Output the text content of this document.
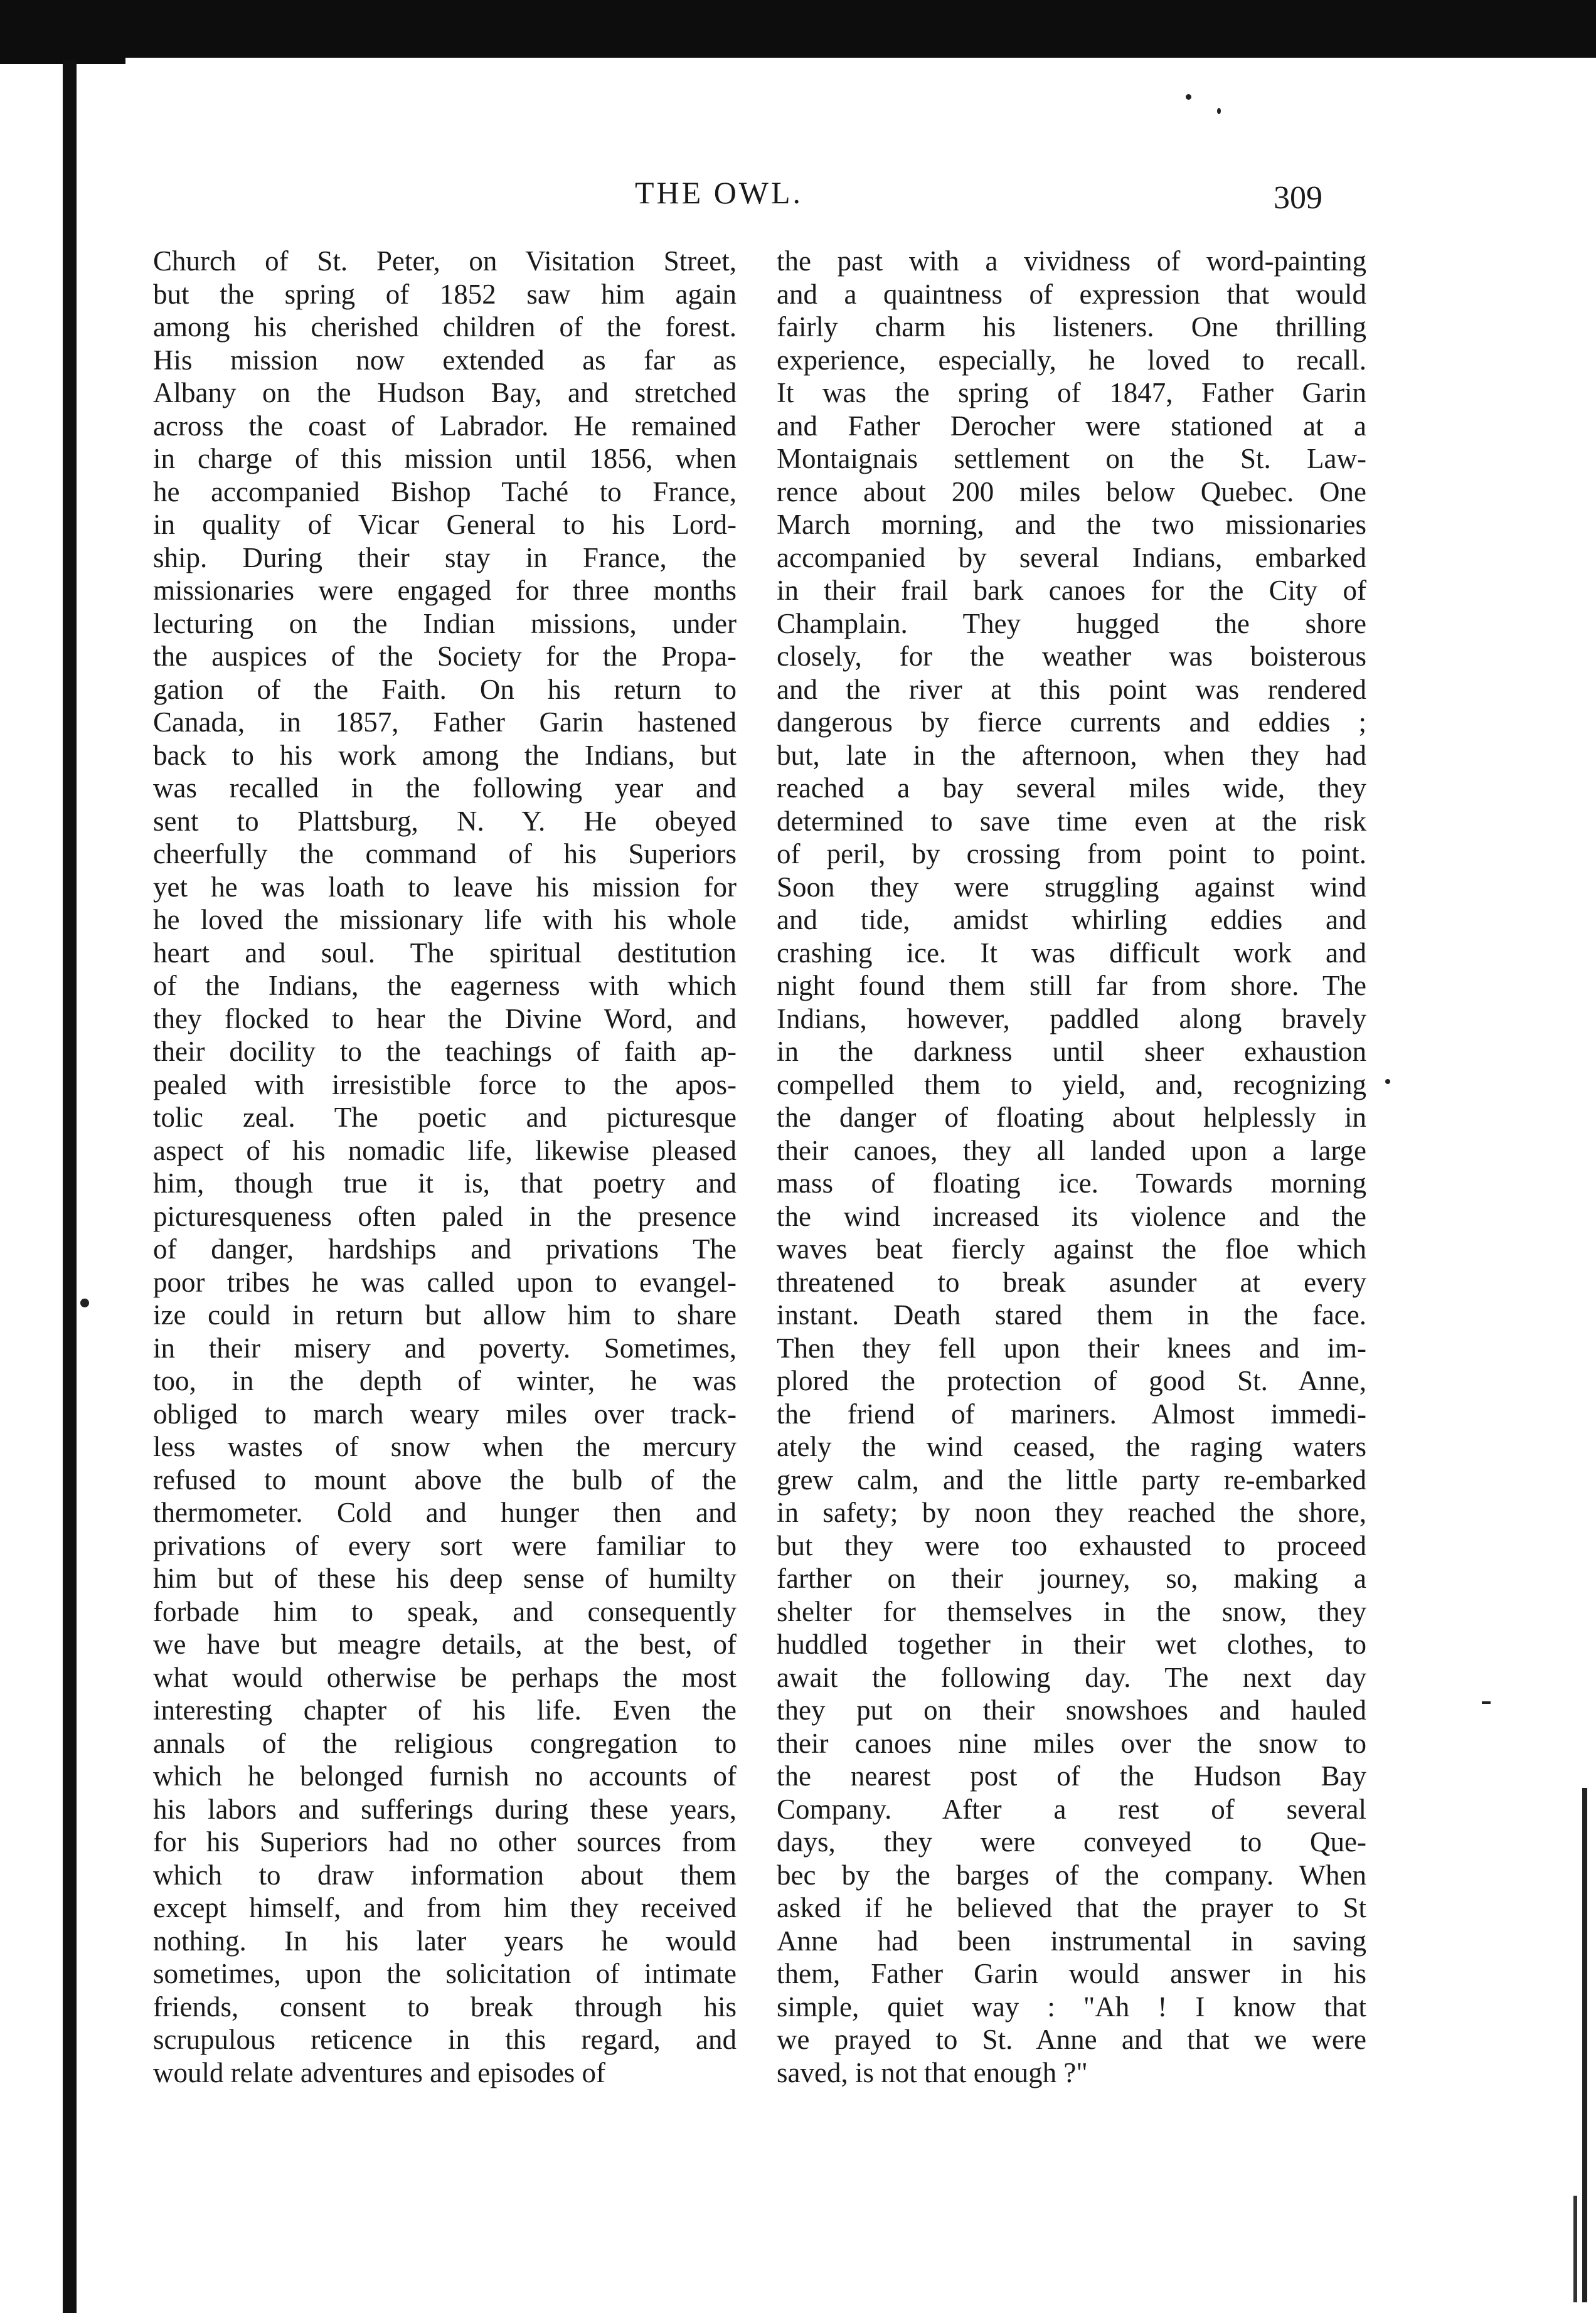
THE OWL.	309
Church of St. Peter, on Visitation Street,
but the spring of 1852 saw him again
among his cherished children of the forest.
His mission now extended as far as
Albany on the Hudson Bay, and stretched
across the coast of Labrador. He remained
in charge of this mission until 1856, when
he accompanied Bishop Taché to France,
in quality of Vicar General to his Lord-
ship. During their stay in France, the
missionaries were engaged for three months
lecturing on the Indian missions, under
the auspices of the Society for the Propa-
gation of the Faith. On his return to
Canada, in 1857, Father Garin hastened
back to his work among the Indians, but
was recalled in the following year and
sent to Plattsburg, N. Y. He obeyed
cheerfully the command of his Superiors
yet he was loath to leave his mission for
he loved the missionary life with his whole
heart and soul. The spiritual destitution
of the Indians, the eagerness with which
they flocked to hear the Divine Word, and
their docility to the teachings of faith ap-
pealed with irresistible force to the apos-
tolic zeal. The poetic and picturesque
aspect of his nomadic life, likewise pleased
him, though true it is, that poetry and
picturesqueness often paled in the presence
of danger, hardships and privations The
poor tribes he was called upon to evangel-
ize could in return but allow him to share
in their misery and poverty. Sometimes,
too, in the depth of winter, he was
obliged to march weary miles over track-
less wastes of snow when the mercury
refused to mount above the bulb of the
thermometer. Cold and hunger then and
privations of every sort were familiar to
him but of these his deep sense of humilty
forbade him to speak, and consequently
we have but meagre details, at the best, of
what would otherwise be perhaps the most
interesting chapter of his life. Even the
annals of the religious congregation to
which he belonged furnish no accounts of
his labors and sufferings during these years,
for his Superiors had no other sources from
which to draw information about them
except himself, and from him they received
nothing. In his later years he would
sometimes, upon the solicitation of intimate
friends, consent to break through his
scrupulous reticence in this regard, and
would relate adventures and episodes of
the past with a vividness of word-painting
and a quaintness of expression that would
fairly charm his listeners. One thrilling
experience, especially, he loved to recall.
It was the spring of 1847, Father Garin
and Father Derocher were stationed at a
Montaignais settlement on the St. Law-
rence about 200 miles below Quebec. One
March morning, and the two missionaries
accompanied by several Indians, embarked
in their frail bark canoes for the City of
Champlain. They hugged the shore
closely, for the weather was boisterous
and the river at this point was rendered
dangerous by fierce currents and eddies ;
but, late in the afternoon, when they had
reached a bay several miles wide, they
determined to save time even at the risk
of peril, by crossing from point to point.
Soon they were struggling against wind
and tide, amidst whirling eddies and
crashing ice. It was difficult work and
night found them still far from shore. The
Indians, however, paddled along bravely
in the darkness until sheer exhaustion
compelled them to yield, and, recognizing
the danger of floating about helplessly in
their canoes, they all landed upon a large
mass of floating ice. Towards morning
the wind increased its violence and the
waves beat fiercly against the floe which
threatened to break asunder at every
instant. Death stared them in the face.
Then they fell upon their knees and im-
plored the protection of good St. Anne,
the friend of mariners. Almost immedi-
ately the wind ceased, the raging waters
grew calm, and the little party re-embarked
in safety; by noon they reached the shore,
but they were too exhausted to proceed
farther on their journey, so, making a
shelter for themselves in the snow, they
huddled together in their wet clothes, to
await the following day. The next day
they put on their snowshoes and hauled
their canoes nine miles over the snow to
the nearest post of the Hudson Bay
Company. After a rest of several
days, they were conveyed to Que-
bec by the barges of the company. When
asked if he believed that the prayer to St
Anne had been instrumental in saving
them, Father Garin would answer in his
simple, quiet way : "Ah ! I know that
we prayed to St. Anne and that we were
saved, is not that enough ?"
